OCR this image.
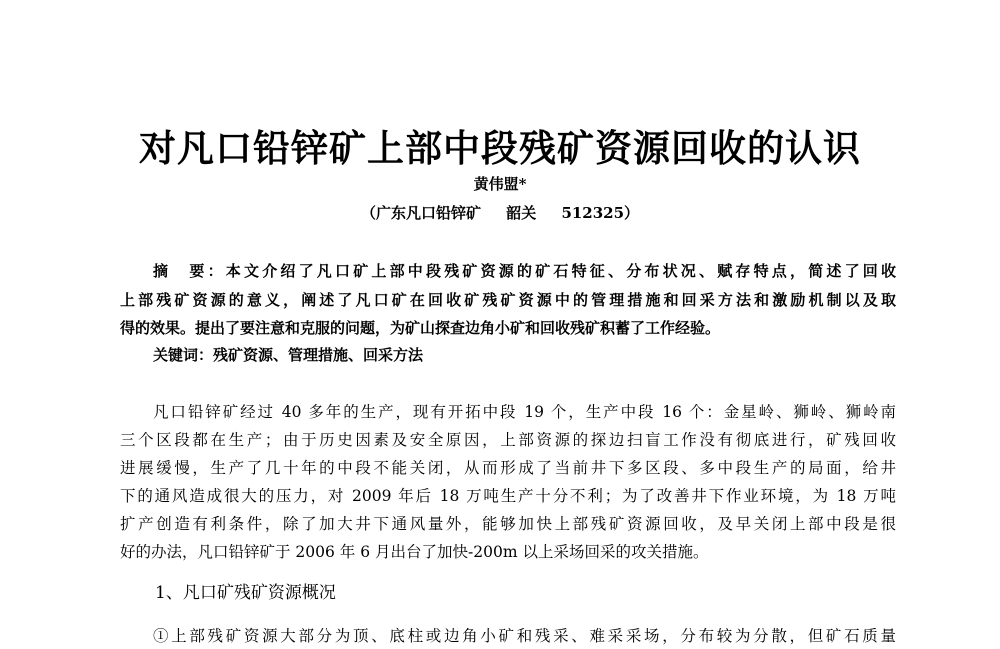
对凡口铅锌矿上部中段残矿资源回收的认识
黄伟盟*
（广东凡口铅锌矿 韶关 512325）
摘　要：本文介绍了凡口矿上部中段残矿资源的矿石特征、分布状况、赋存特点，简述了回收
上部残矿资源的意义，阐述了凡口矿在回收矿残矿资源中的管理措施和回采方法和激励机制以及取
得的效果。提出了要注意和克服的问题，为矿山探查边角小矿和回收残矿积蓄了工作经验。
关键词：残矿资源、管理措施、回采方法
凡口铅锌矿经过 40 多年的生产，现有开拓中段 19 个，生产中段 16 个：金星岭、狮岭、狮岭南
三个区段都在生产；由于历史因素及安全原因，上部资源的探边扫盲工作没有彻底进行，矿残回收
进展缓慢，生产了几十年的中段不能关闭，从而形成了当前井下多区段、多中段生产的局面，给井
下的通风造成很大的压力，对 2009 年后 18 万吨生产十分不利；为了改善井下作业环境，为 18 万吨
扩产创造有利条件，除了加大井下通风量外，能够加快上部残矿资源回收，及早关闭上部中段是很
好的办法，凡口铅锌矿于 2006 年 6 月出台了加快-200m 以上采场回采的攻关措施。
1、凡口矿残矿资源概况
①上部残矿资源大部分为顶、底柱或边角小矿和残采、难采采场，分布较为分散，但矿石质量
